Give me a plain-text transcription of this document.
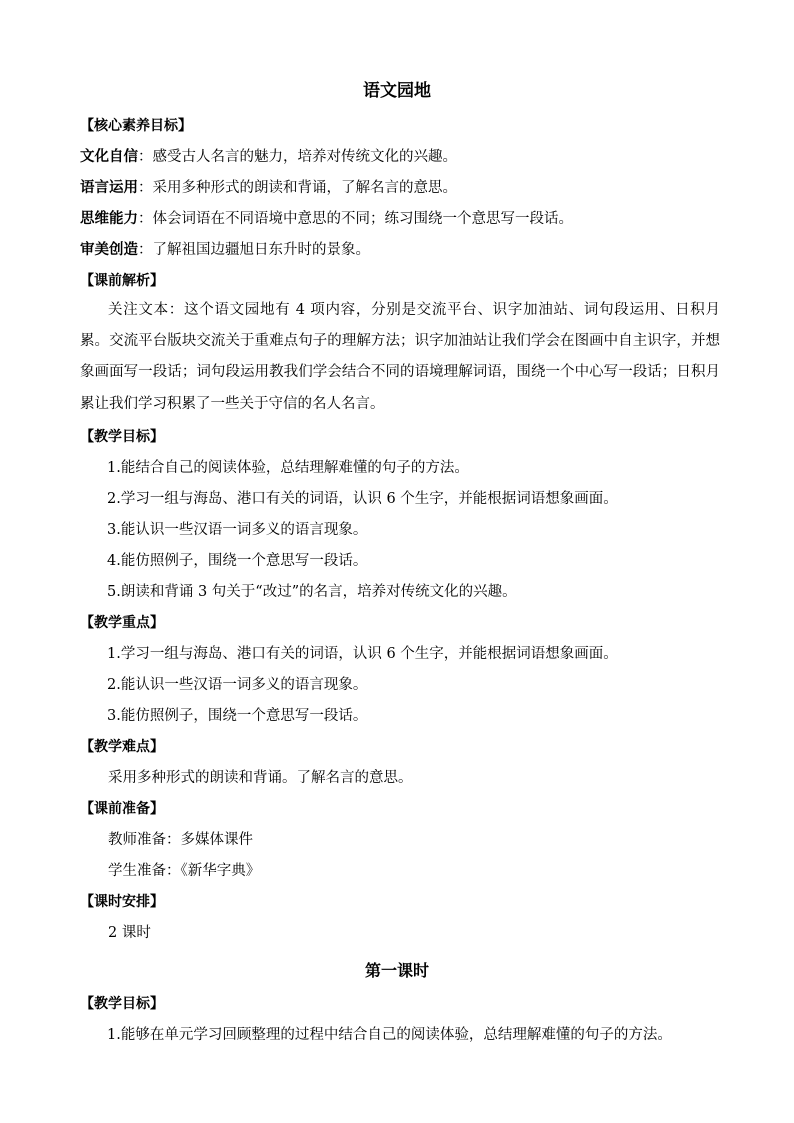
语文园地
【核心素养目标】
文化自信：感受古人名言的魅力，培养对传统文化的兴趣。
语言运用：采用多种形式的朗读和背诵，了解名言的意思。
思维能力：体会词语在不同语境中意思的不同；练习围绕一个意思写一段话。
审美创造：了解祖国边疆旭日东升时的景象。
【课前解析】
关注文本：这个语文园地有 4 项内容，分别是交流平台、识字加油站、词句段运用、日积月累。交流平台版块交流关于重难点句子的理解方法；识字加油站让我们学会在图画中自主识字，并想象画面写一段话；词句段运用教我们学会结合不同的语境理解词语，围绕一个中心写一段话；日积月累让我们学习积累了一些关于守信的名人名言。
【教学目标】
1.能结合自己的阅读体验，总结理解难懂的句子的方法。
2.学习一组与海岛、港口有关的词语，认识 6 个生字，并能根据词语想象画面。
3.能认识一些汉语一词多义的语言现象。
4.能仿照例子，围绕一个意思写一段话。
5.朗读和背诵 3 句关于“改过”的名言，培养对传统文化的兴趣。
【教学重点】
1.学习一组与海岛、港口有关的词语，认识 6 个生字，并能根据词语想象画面。
2.能认识一些汉语一词多义的语言现象。
3.能仿照例子，围绕一个意思写一段话。
【教学难点】
采用多种形式的朗读和背诵。了解名言的意思。
【课前准备】
教师准备：多媒体课件
学生准备：《新华字典》
【课时安排】
2 课时
第一课时
【教学目标】
1.能够在单元学习回顾整理的过程中结合自己的阅读体验，总结理解难懂的句子的方法。
